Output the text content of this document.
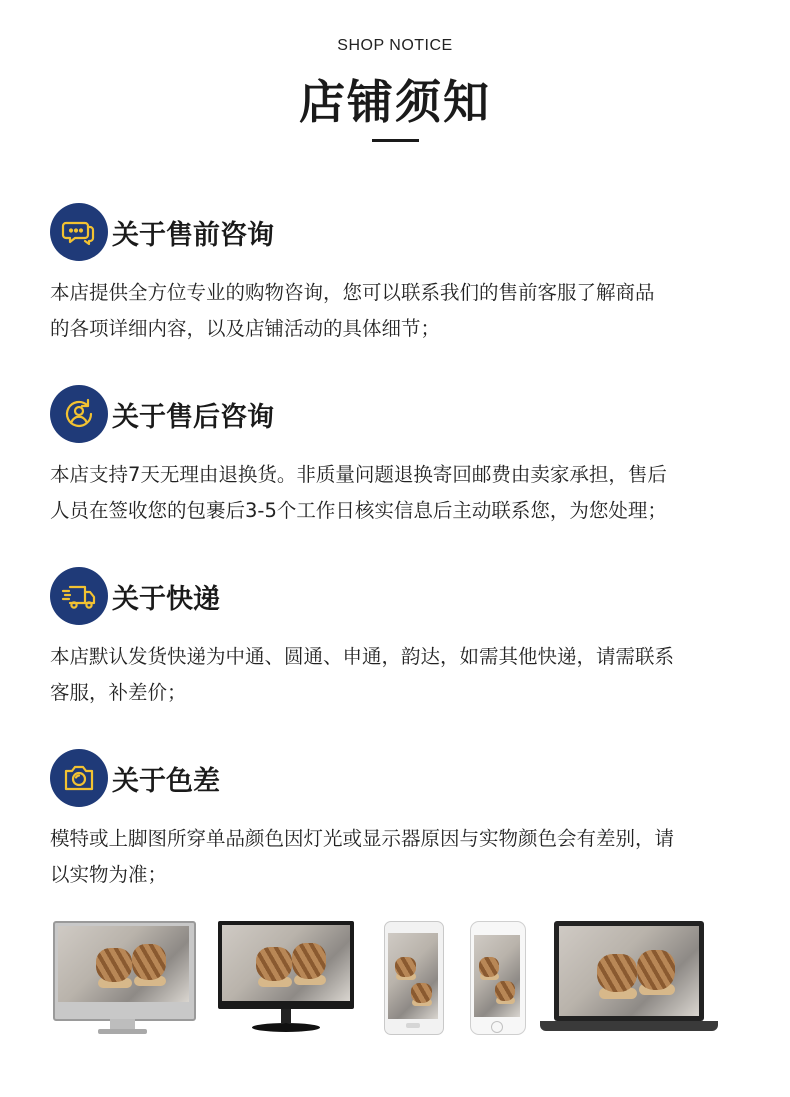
SHOP NOTICE
店铺须知
关于售前咨询
本店提供全方位专业的购物咨询，您可以联系我们的售前客服了解商品
的各项详细内容，以及店铺活动的具体细节；
关于售后咨询
本店支持7天无理由退换货。非质量问题退换寄回邮费由卖家承担，售后
人员在签收您的包裹后3-5个工作日核实信息后主动联系您，为您处理；
关于快递
本店默认发货快递为中通、圆通、申通，韵达，如需其他快递，请需联系
客服，补差价；
关于色差
模特或上脚图所穿单品颜色因灯光或显示器原因与实物颜色会有差别，请
以实物为准；
